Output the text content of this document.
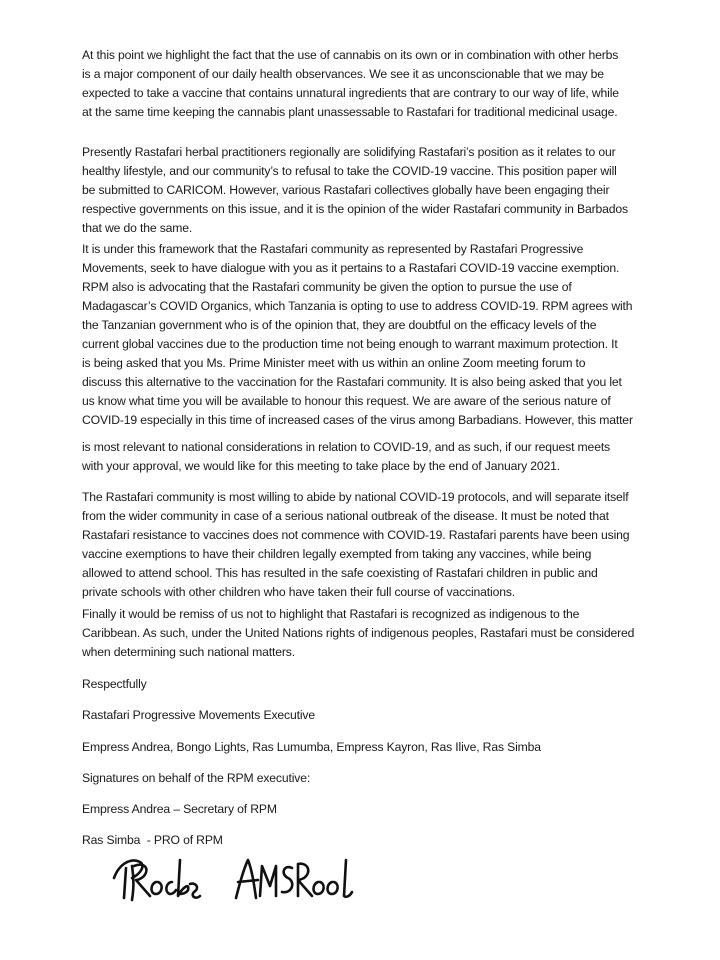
At this point we highlight the fact that the use of cannabis on its own or in combination with other herbs
is a major component of our daily health observances. We see it as unconscionable that we may be
expected to take a vaccine that contains unnatural ingredients that are contrary to our way of life, while
at the same time keeping the cannabis plant unassessable to Rastafari for traditional medicinal usage.
Presently Rastafari herbal practitioners regionally are solidifying Rastafari’s position as it relates to our
healthy lifestyle, and our community’s to refusal to take the COVID-19 vaccine. This position paper will
be submitted to CARICOM. However, various Rastafari collectives globally have been engaging their
respective governments on this issue, and it is the opinion of the wider Rastafari community in Barbados
that we do the same.
It is under this framework that the Rastafari community as represented by Rastafari Progressive
Movements, seek to have dialogue with you as it pertains to a Rastafari COVID-19 vaccine exemption.
RPM also is advocating that the Rastafari community be given the option to pursue the use of
Madagascar’s COVID Organics, which Tanzania is opting to use to address COVID-19. RPM agrees with
the Tanzanian government who is of the opinion that, they are doubtful on the efficacy levels of the
current global vaccines due to the production time not being enough to warrant maximum protection. It
is being asked that you Ms. Prime Minister meet with us within an online Zoom meeting forum to
discuss this alternative to the vaccination for the Rastafari community. It is also being asked that you let
us know what time you will be available to honour this request. We are aware of the serious nature of
COVID-19 especially in this time of increased cases of the virus among Barbadians. However, this matter
is most relevant to national considerations in relation to COVID-19, and as such, if our request meets
with your approval, we would like for this meeting to take place by the end of January 2021.
The Rastafari community is most willing to abide by national COVID-19 protocols, and will separate itself
from the wider community in case of a serious national outbreak of the disease. It must be noted that
Rastafari resistance to vaccines does not commence with COVID-19. Rastafari parents have been using
vaccine exemptions to have their children legally exempted from taking any vaccines, while being
allowed to attend school. This has resulted in the safe coexisting of Rastafari children in public and
private schools with other children who have taken their full course of vaccinations.
Finally it would be remiss of us not to highlight that Rastafari is recognized as indigenous to the
Caribbean. As such, under the United Nations rights of indigenous peoples, Rastafari must be considered
when determining such national matters.
Respectfully
Rastafari Progressive Movements Executive
Empress Andrea, Bongo Lights, Ras Lumumba, Empress Kayron, Ras Ilive, Ras Simba
Signatures on behalf of the RPM executive:
Empress Andrea – Secretary of RPM
Ras Simba  - PRO of RPM
